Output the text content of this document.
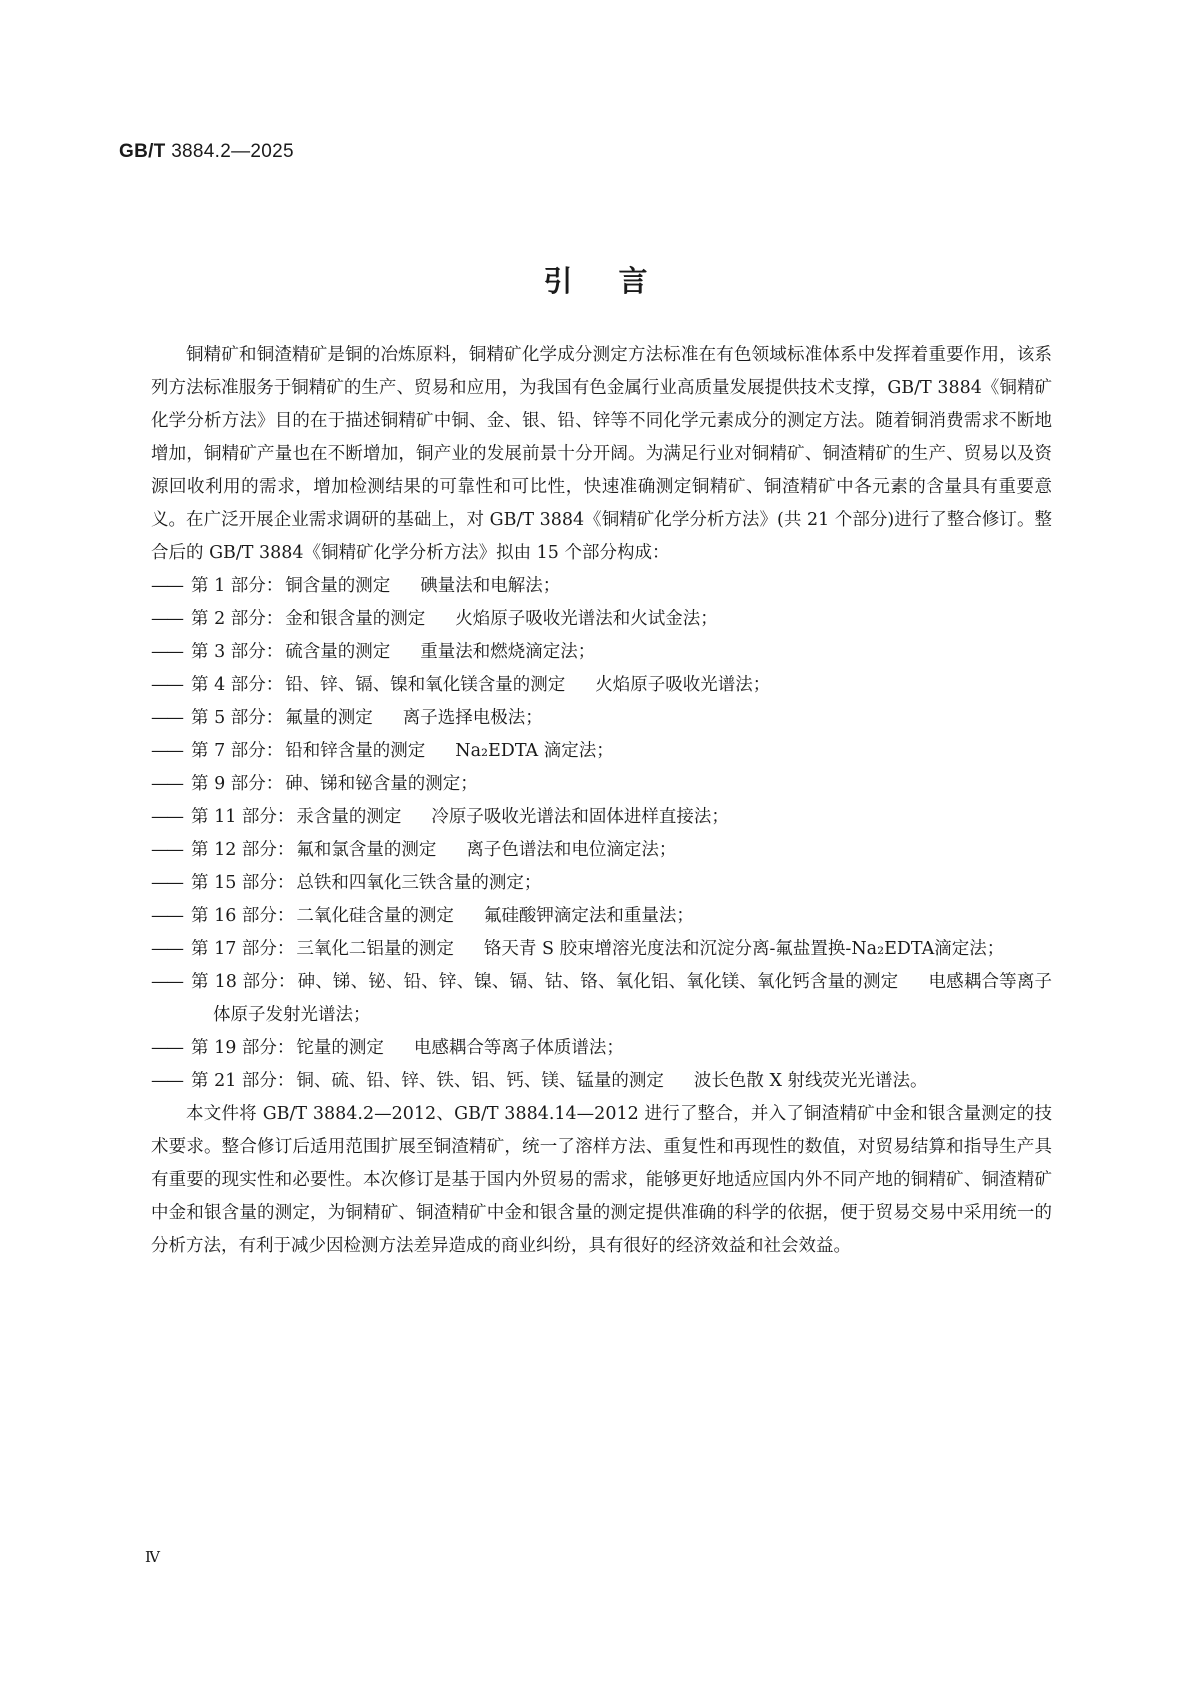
GB/T 3884.2—2025
引言

铜精矿和铜渣精矿是铜的冶炼原料，铜精矿化学成分测定方法标准在有色领域标准体系中发挥着重要作用，该系列方法标准服务于铜精矿的生产、贸易和应用，为我国有色金属行业高质量发展提供技术支撑，GB/T 3884《铜精矿化学分析方法》目的在于描述铜精矿中铜、金、银、铅、锌等不同化学元素成分的测定方法。随着铜消费需求不断地增加，铜精矿产量也在不断增加，铜产业的发展前景十分开阔。为满足行业对铜精矿、铜渣精矿的生产、贸易以及资源回收利用的需求，增加检测结果的可靠性和可比性，快速准确测定铜精矿、铜渣精矿中各元素的含量具有重要意义。在广泛开展企业需求调研的基础上，对 GB/T 3884《铜精矿化学分析方法》(共 21 个部分)进行了整合修订。整合后的 GB/T 3884《铜精矿化学分析方法》拟由 15 个部分构成：

—— 第 1 部分： 铜含量的测定 碘量法和电解法；
—— 第 2 部分： 金和银含量的测定 火焰原子吸收光谱法和火试金法；
—— 第 3 部分： 硫含量的测定 重量法和燃烧滴定法；
—— 第 4 部分： 铅、锌、镉、镍和氧化镁含量的测定 火焰原子吸收光谱法；
—— 第 5 部分： 氟量的测定 离子选择电极法；
—— 第 7 部分： 铅和锌含量的测定 Na₂EDTA 滴定法；
—— 第 9 部分： 砷、锑和铋含量的测定；
—— 第 11 部分： 汞含量的测定 冷原子吸收光谱法和固体进样直接法；
—— 第 12 部分： 氟和氯含量的测定 离子色谱法和电位滴定法；
—— 第 15 部分： 总铁和四氧化三铁含量的测定；
—— 第 16 部分： 二氧化硅含量的测定 氟硅酸钾滴定法和重量法；
—— 第 17 部分： 三氧化二铝量的测定 铬天青 S 胶束增溶光度法和沉淀分离-氟盐置换-Na₂EDTA滴定法；
—— 第 18 部分： 砷、锑、铋、铅、锌、镍、镉、钴、铬、氧化铝、氧化镁、氧化钙含量的测定 电感耦合等离子体原子发射光谱法；
—— 第 19 部分： 铊量的测定 电感耦合等离子体质谱法；
—— 第 21 部分： 铜、硫、铅、锌、铁、铝、钙、镁、锰量的测定 波长色散 X 射线荧光光谱法。

本文件将 GB/T 3884.2—2012、GB/T 3884.14—2012 进行了整合，并入了铜渣精矿中金和银含量测定的技术要求。整合修订后适用范围扩展至铜渣精矿，统一了溶样方法、重复性和再现性的数值，对贸易结算和指导生产具有重要的现实性和必要性。本次修订是基于国内外贸易的需求，能够更好地适应国内外不同产地的铜精矿、铜渣精矿中金和银含量的测定，为铜精矿、铜渣精矿中金和银含量的测定提供准确的科学的依据，便于贸易交易中采用统一的分析方法，有利于减少因检测方法差异造成的商业纠纷，具有很好的经济效益和社会效益。

Ⅳ
